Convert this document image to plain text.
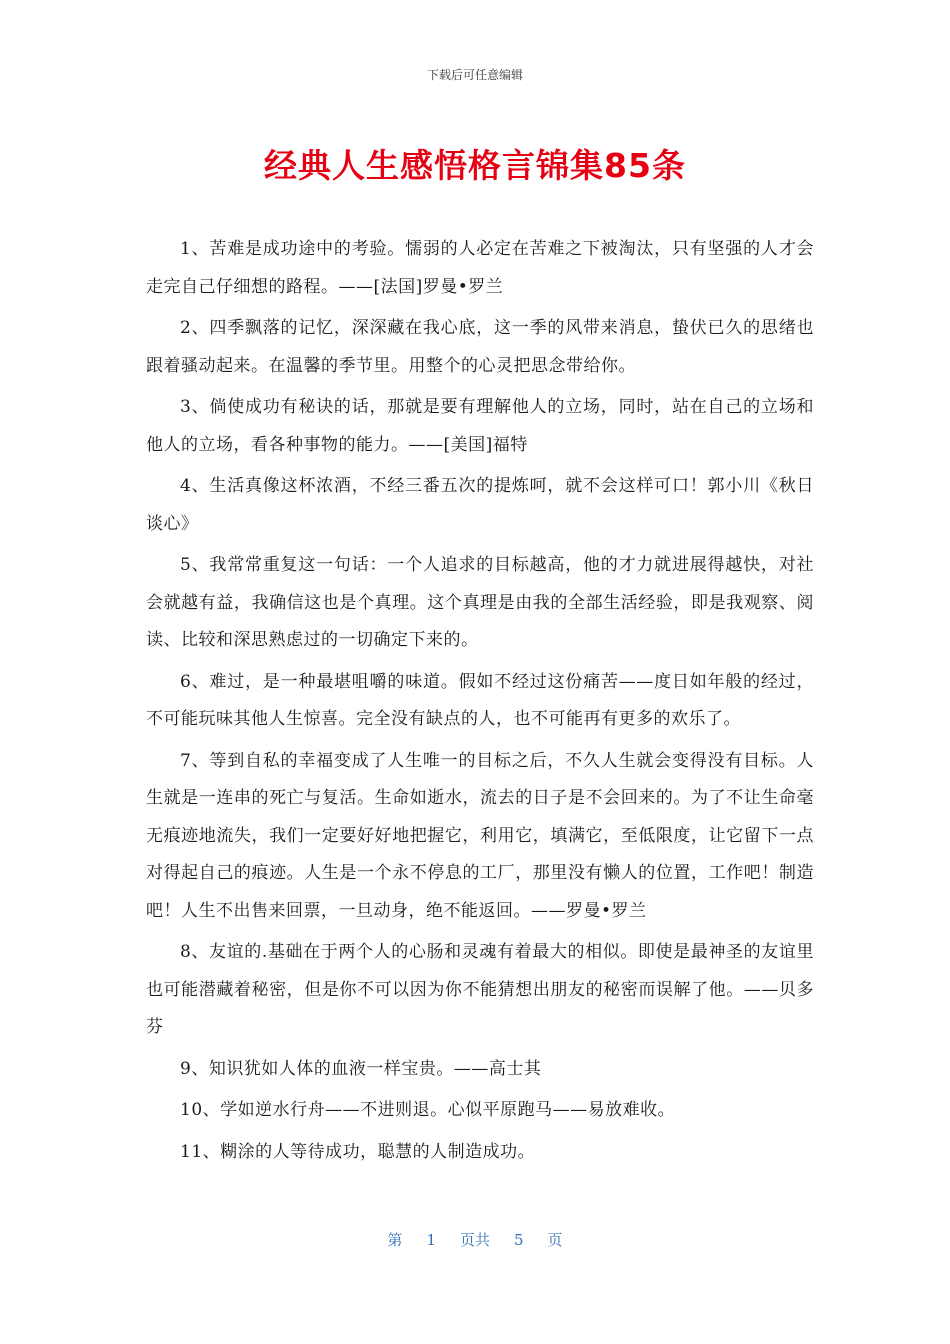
下载后可任意编辑
经典人生感悟格言锦集85条

1、苦难是成功途中的考验。懦弱的人必定在苦难之下被淘汰，只有坚强的人才会走完自己仔细想的路程。——[法国]罗曼•罗兰

2、四季飘落的记忆，深深藏在我心底，这一季的风带来消息，蛰伏已久的思绪也跟着骚动起来。在温馨的季节里。用整个的心灵把思念带给你。

3、倘使成功有秘诀的话，那就是要有理解他人的立场，同时，站在自己的立场和他人的立场，看各种事物的能力。——[美国]福特

4、生活真像这杯浓酒，不经三番五次的提炼呵，就不会这样可口！郭小川《秋日谈心》

5、我常常重复这一句话：一个人追求的目标越高，他的才力就进展得越快，对社会就越有益，我确信这也是个真理。这个真理是由我的全部生活经验，即是我观察、阅读、比较和深思熟虑过的一切确定下来的。

6、难过，是一种最堪咀嚼的味道。假如不经过这份痛苦——度日如年般的经过，不可能玩味其他人生惊喜。完全没有缺点的人，也不可能再有更多的欢乐了。

7、等到自私的幸福变成了人生唯一的目标之后，不久人生就会变得没有目标。人生就是一连串的死亡与复活。生命如逝水，流去的日子是不会回来的。为了不让生命毫无痕迹地流失，我们一定要好好地把握它，利用它，填满它，至低限度，让它留下一点对得起自己的痕迹。人生是一个永不停息的工厂，那里没有懒人的位置，工作吧！制造吧！人生不出售来回票，一旦动身，绝不能返回。——罗曼•罗兰

8、友谊的.基础在于两个人的心肠和灵魂有着最大的相似。即使是最神圣的友谊里也可能潜藏着秘密，但是你不可以因为你不能猜想出朋友的秘密而误解了他。——贝多芬

9、知识犹如人体的血液一样宝贵。——高士其

10、学如逆水行舟——不进则退。心似平原跑马——易放难收。

11、糊涂的人等待成功，聪慧的人制造成功。

第 1 页共 5 页
